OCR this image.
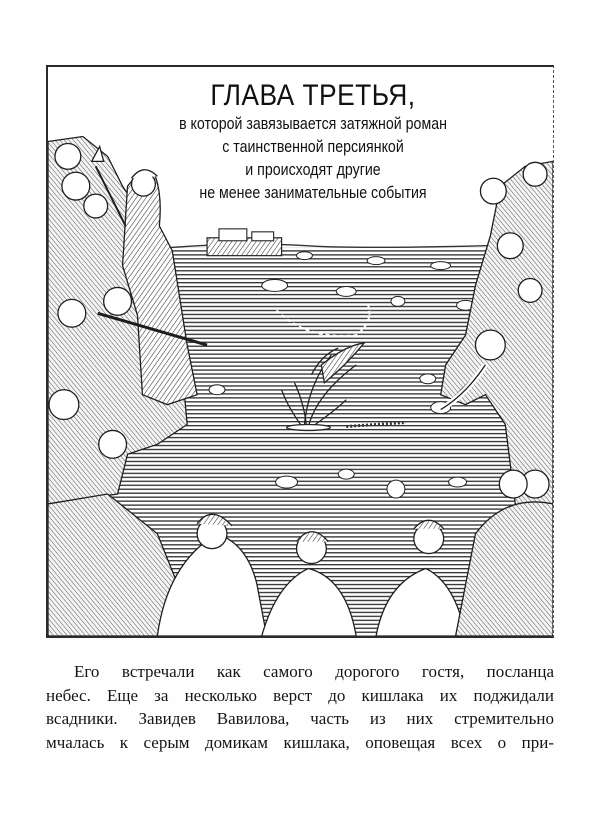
ГЛАВА ТРЕТЬЯ,
в которой завязывается затяжной роман
с таинственной персиянкой
и происходят другие
не менее занимательные события
Его встречали как самого дорогого гостя, посланца
небес. Еще за несколько верст до кишлака их поджидали
всадники. Завидев Вавилова, часть из них стремительно
мчалась к серым домикам кишлака, оповещая всех о при-
